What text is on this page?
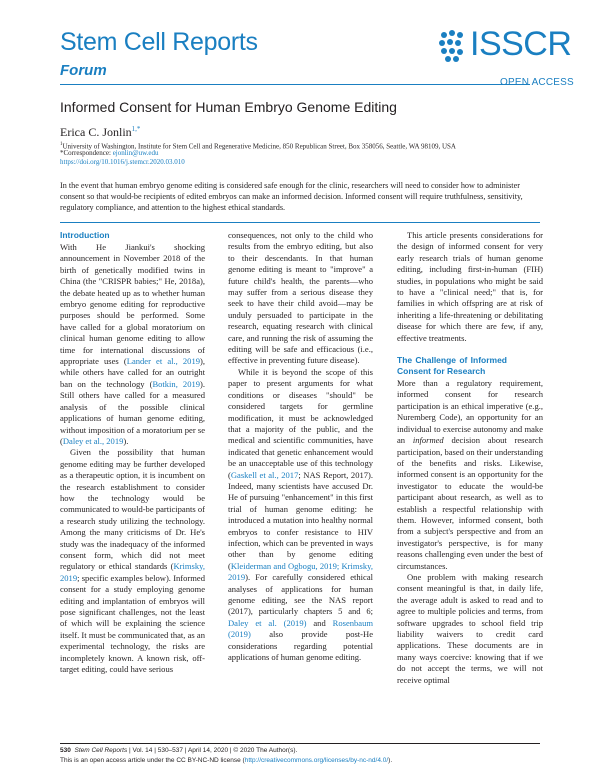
Stem Cell Reports
Forum
ISSCR
OPEN ACCESS
Informed Consent for Human Embryo Genome Editing
Erica C. Jonlin$^{1,*}$
$^1$University of Washington, Institute for Stem Cell and Regenerative Medicine, 850 Republican Street, Box 358056, Seattle, WA 98109, USA
*Correspondence: ejonlin@uw.edu
https://doi.org/10.1016/j.stemcr.2020.03.010
In the event that human embryo genome editing is considered safe enough for the clinic, researchers will need to consider how to administer consent so that would-be recipients of edited embryos can make an informed decision. Informed consent will require truthfulness, sensitivity, regulatory compliance, and attention to the highest ethical standards.
Introduction

With He Jiankui's shocking announcement in November 2018 of the birth of genetically modified twins in China (the "CRISPR babies;" He, 2018a), the debate heated up as to whether human embryo genome editing for reproductive purposes should be performed. Some have called for a global moratorium on clinical human genome editing to allow time for international discussions of appropriate uses (Lander et al., 2019), while others have called for an outright ban on the technology (Botkin, 2019). Still others have called for a measured analysis of the possible clinical applications of human genome editing, without imposition of a moratorium per se (Daley et al., 2019).

Given the possibility that human genome editing may be further developed as a therapeutic option, it is incumbent on the research establishment to consider how the technology would be communicated to would-be participants of a research study utilizing the technology. Among the many criticisms of Dr. He's study was the inadequacy of the informed consent form, which did not meet regulatory or ethical standards (Krimsky, 2019; specific examples below). Informed consent for a study employing genome editing and implantation of embryos will pose significant challenges, not the least of which will be explaining the science itself. It must be communicated that, as an experimental technology, the risks are incompletely known. A known risk, off-target editing, could have serious

consequences, not only to the child who results from the embryo editing, but also to their descendants. In that human genome editing is meant to "improve" a future child's health, the parents—who may suffer from a serious disease they seek to have their child avoid—may be unduly persuaded to participate in the research, equating research with clinical care, and running the risk of assuming the editing will be safe and efficacious (i.e., effective in preventing future disease).

While it is beyond the scope of this paper to present arguments for what conditions or diseases "should" be considered targets for germline modification, it must be acknowledged that a majority of the public, and the medical and scientific communities, have indicated that genetic enhancement would be an unacceptable use of this technology (Gaskell et al., 2017; NAS Report, 2017). Indeed, many scientists have accused Dr. He of pursuing "enhancement" in this first trial of human genome editing: he introduced a mutation into healthy normal embryos to confer resistance to HIV infection, which can be prevented in ways other than by genome editing (Kleiderman and Ogbogu, 2019; Krimsky, 2019). For carefully considered ethical analyses of applications for human genome editing, see the NAS report (2017), particularly chapters 5 and 6; Daley et al. (2019) and Rosenbaum (2019) also provide post-He considerations regarding potential applications of human genome editing.

This article presents considerations for the design of informed consent for very early research trials of human genome editing, including first-in-human (FIH) studies, in populations who might be said to have a "clinical need;" that is, for families in which offspring are at risk of inheriting a life-threatening or debilitating disease for which there are few, if any, effective treatments.

The Challenge of Informed Consent for Research

More than a regulatory requirement, informed consent for research participation is an ethical imperative (e.g., Nuremberg Code), an opportunity for an individual to exercise autonomy and make an informed decision about research participation, based on their understanding of the benefits and risks. Likewise, informed consent is an opportunity for the investigator to educate the would-be participant about research, as well as to establish a respectful relationship with them. However, informed consent, both from a subject's perspective and from an investigator's perspective, is for many reasons challenging even under the best of circumstances.

One problem with making research consent meaningful is that, in daily life, the average adult is asked to read and to agree to multiple policies and terms, from software upgrades to school field trip liability waivers to credit card applications. These documents are in many ways coercive: knowing that if we do not accept the terms, we will not receive optimal

530 Stem Cell Reports | Vol. 14 | 530–537 | April 14, 2020 | © 2020 The Author(s).
This is an open access article under the CC BY-NC-ND license (http://creativecommons.org/licenses/by-nc-nd/4.0/).
